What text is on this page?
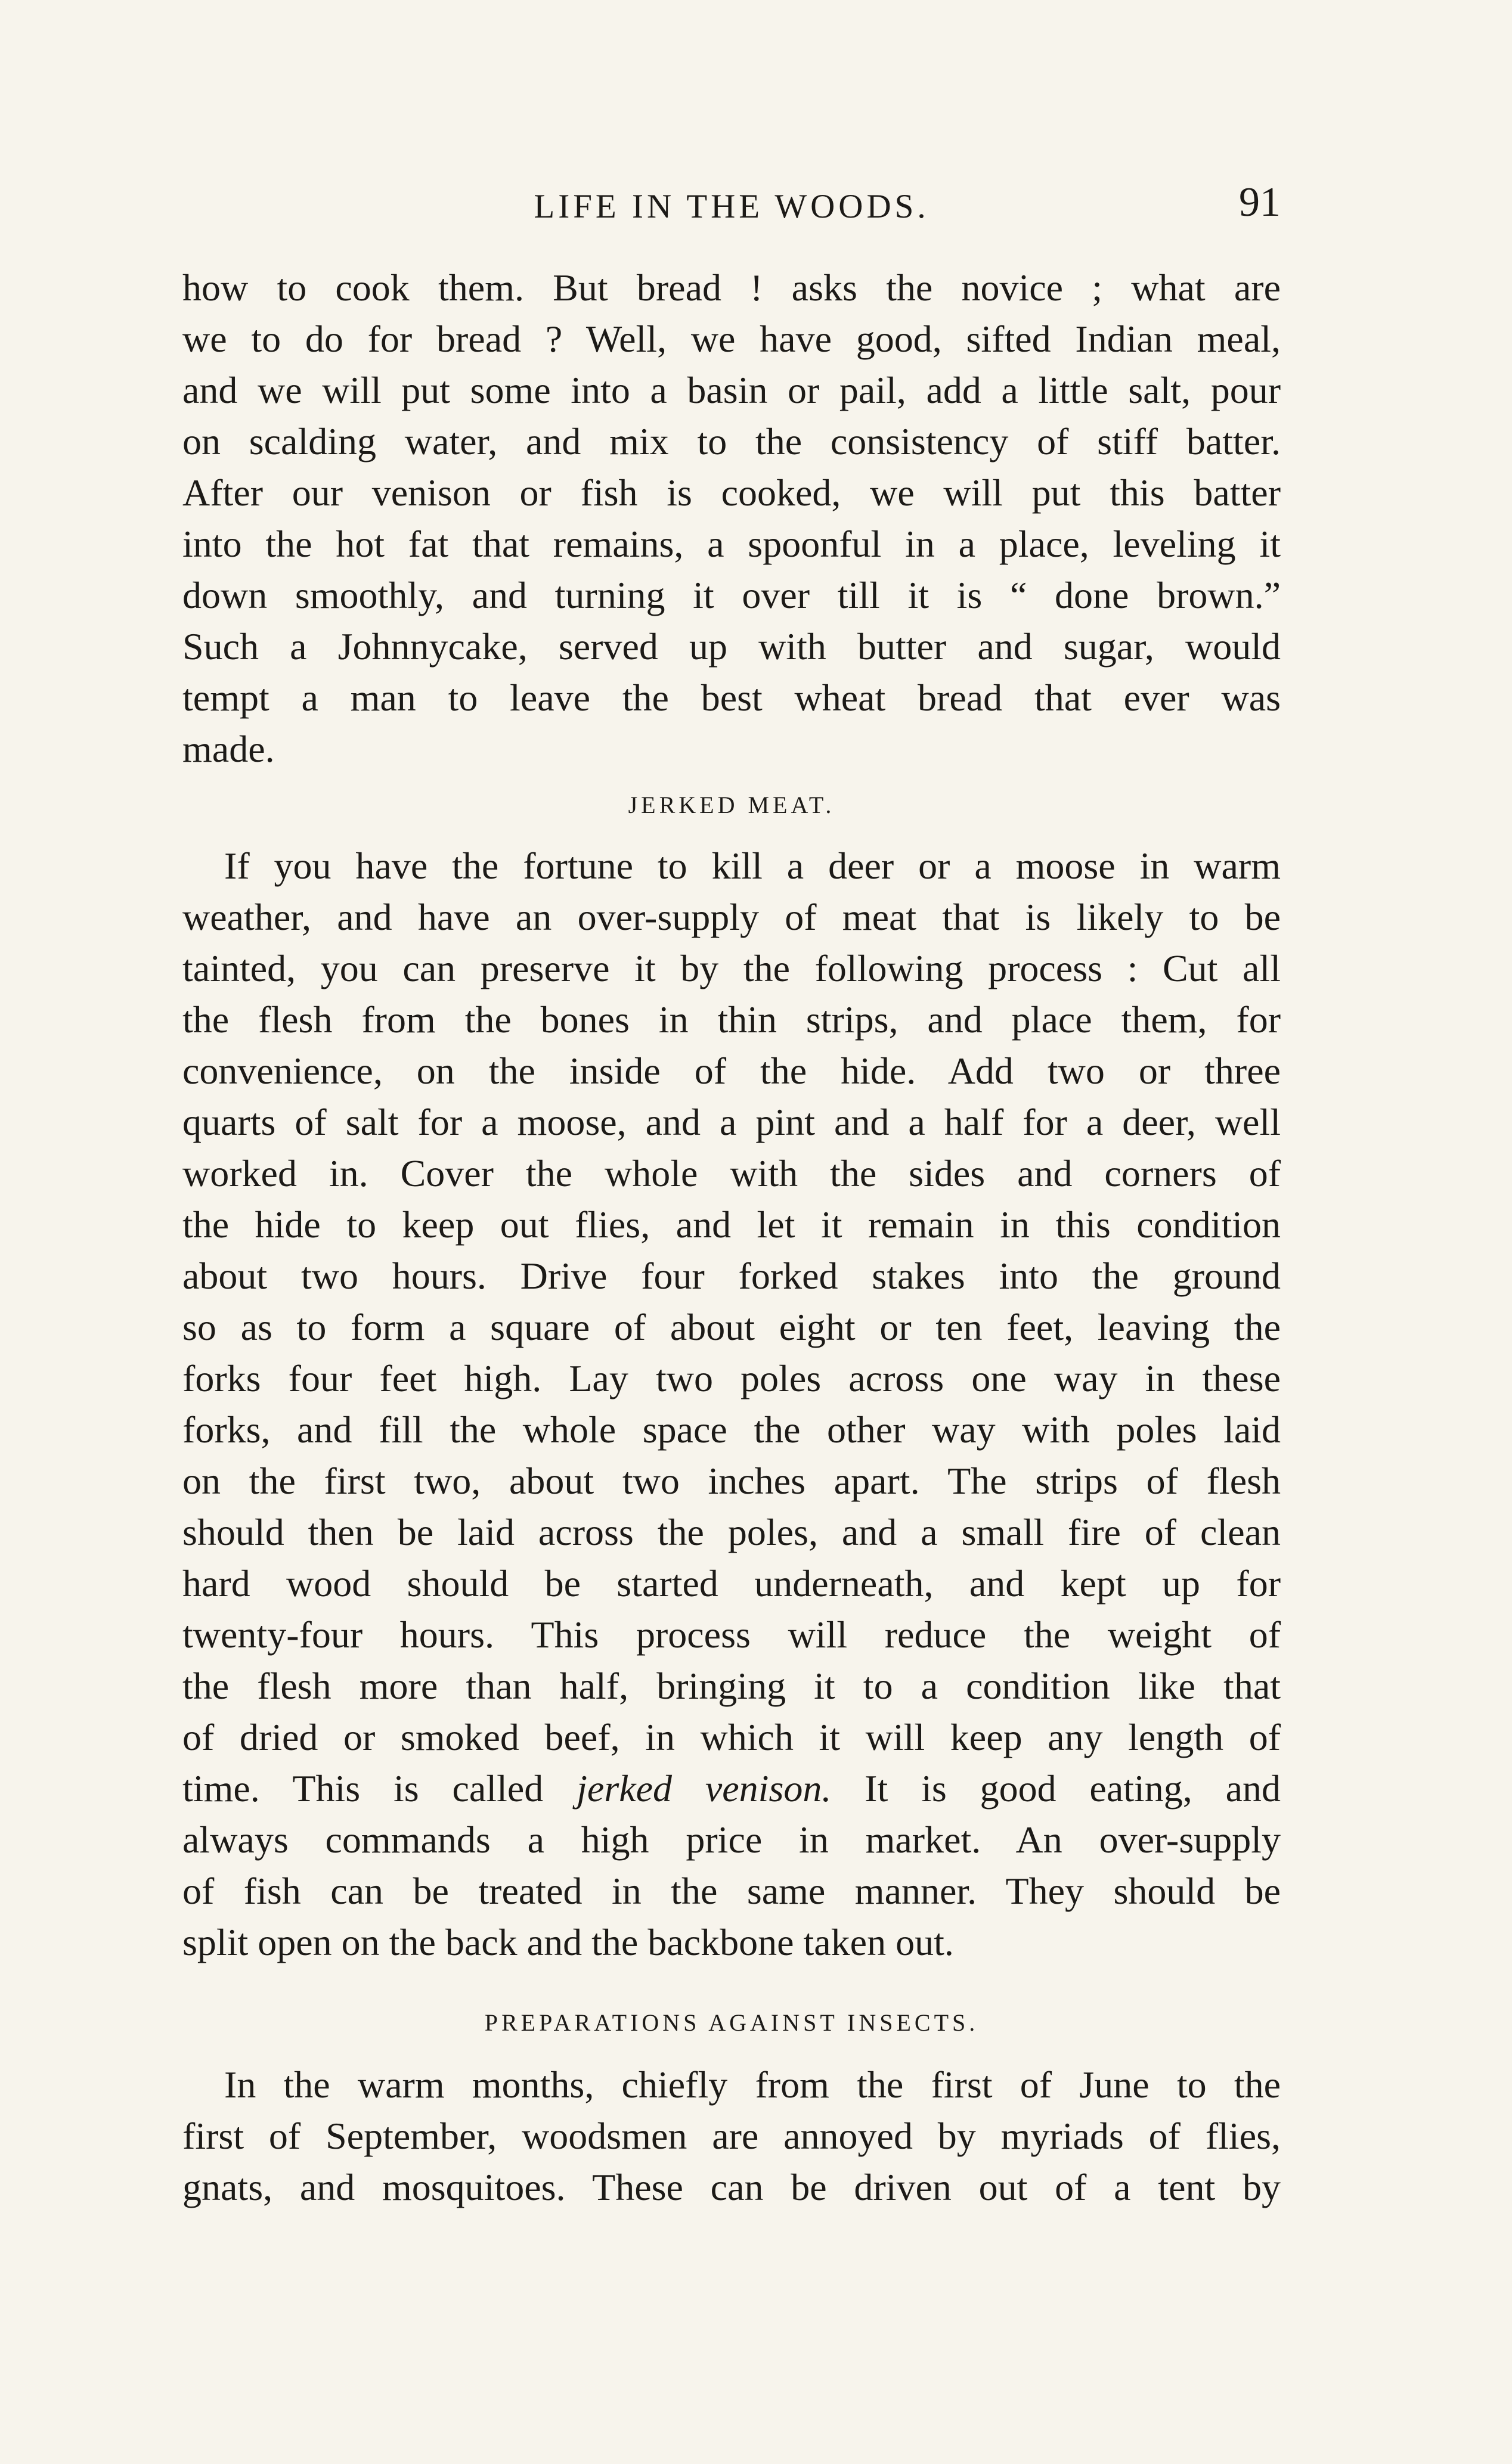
LIFE IN THE WOODS.	91
how to cook them. But bread ! asks the novice ; what are
we to do for bread ? Well, we have good, sifted Indian meal,
and we will put some into a basin or pail, add a little salt, pour
on scalding water, and mix to the consistency of stiff batter.
After our venison or fish is cooked, we will put this batter
into the hot fat that remains, a spoonful in a place, leveling it
down smoothly, and turning it over till it is “ done brown.”
Such a Johnnycake, served up with butter and sugar, would
tempt a man to leave the best wheat bread that ever was
made.
JERKED MEAT.
If you have the fortune to kill a deer or a moose in warm
weather, and have an over-supply of meat that is likely to be
tainted, you can preserve it by the following process : Cut all
the flesh from the bones in thin strips, and place them, for
convenience, on the inside of the hide. Add two or three
quarts of salt for a moose, and a pint and a half for a deer, well
worked in. Cover the whole with the sides and corners of
the hide to keep out flies, and let it remain in this condition
about two hours. Drive four forked stakes into the ground
so as to form a square of about eight or ten feet, leaving the
forks four feet high. Lay two poles across one way in these
forks, and fill the whole space the other way with poles laid
on the first two, about two inches apart. The strips of flesh
should then be laid across the poles, and a small fire of clean
hard wood should be started underneath, and kept up for
twenty-four hours. This process will reduce the weight of
the flesh more than half, bringing it to a condition like that
of dried or smoked beef, in which it will keep any length of
time. This is called jerked venison. It is good eating, and
always commands a high price in market. An over-supply
of fish can be treated in the same manner. They should be
split open on the back and the backbone taken out.
PREPARATIONS AGAINST INSECTS.
In the warm months, chiefly from the first of June to the
first of September, woodsmen are annoyed by myriads of flies,
gnats, and mosquitoes. These can be driven out of a tent by
